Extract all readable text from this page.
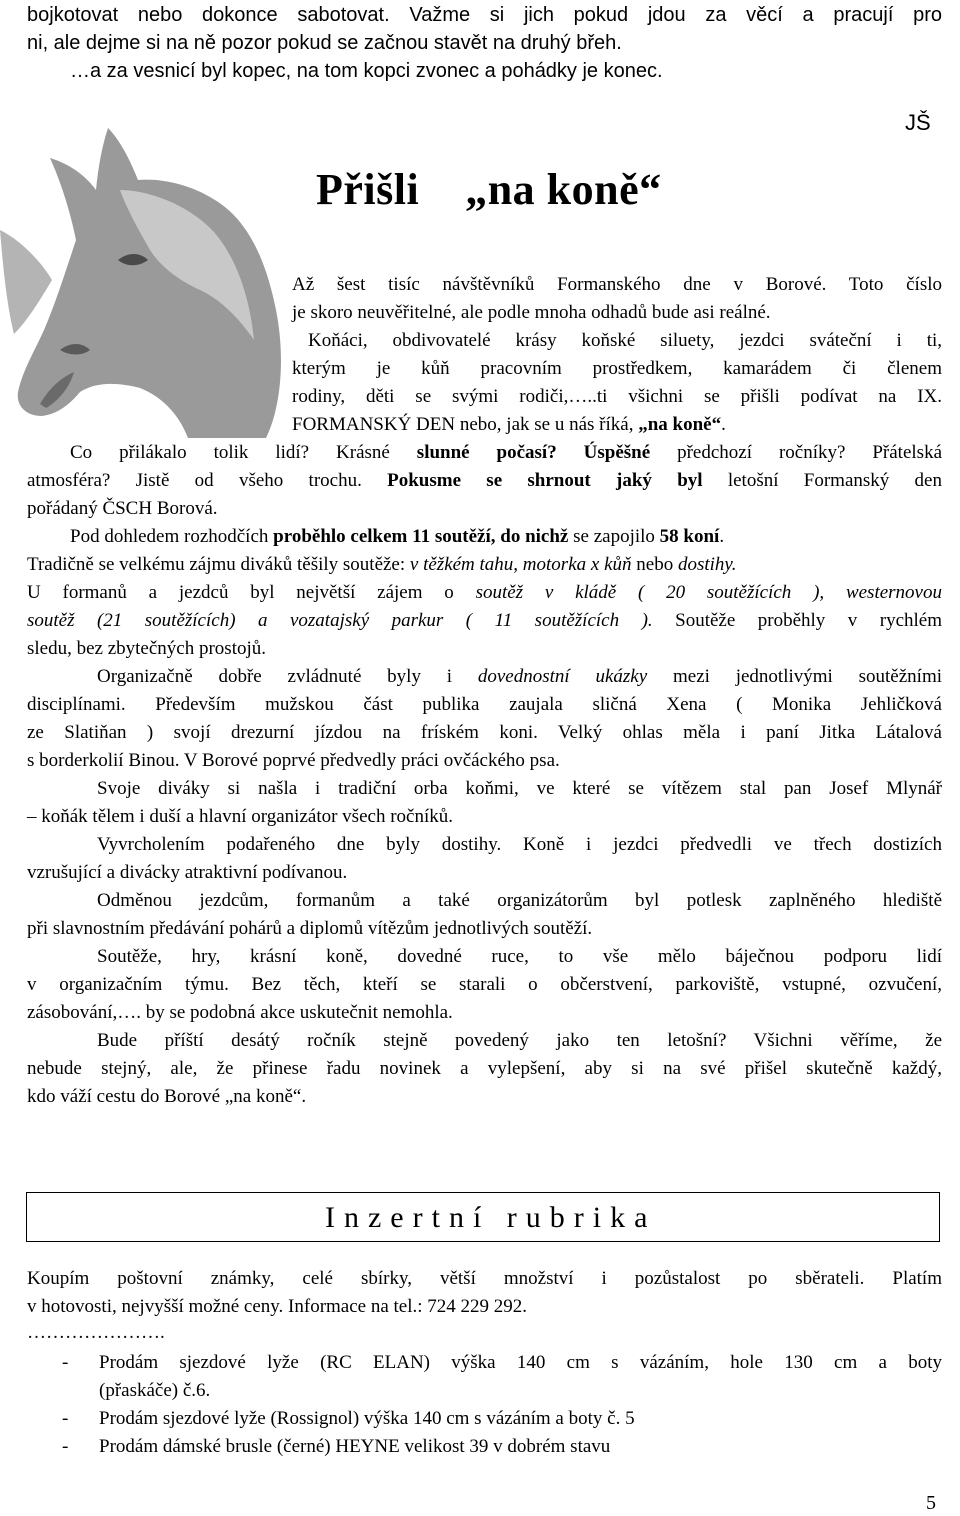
bojkotovat nebo dokonce sabotovat. Važme si jich pokud jdou za věcí a pracují pro
ni, ale dejme si na ně pozor pokud se začnou stavět na druhý břeh.
…a za vesnicí byl kopec, na tom kopci zvonec a pohádky je konec.
JŠ
Přišli    „na koně“
Až šest tisíc návštěvníků Formanského dne v Borové. Toto číslo
je skoro neuvěřitelné, ale podle mnoha odhadů bude asi reálné.
Koňáci, obdivovatelé krásy koňské siluety, jezdci sváteční i ti,
kterým je kůň pracovním prostředkem, kamarádem či členem
rodiny, děti se svými rodiči,…..ti všichni se přišli podívat na IX.
FORMANSKÝ DEN nebo, jak se u nás říká, „na koně“.
Co přilákalo tolik lidí? Krásné slunné počasí? Úspěšné předchozí ročníky? Přátelská
atmosféra? Jistě od všeho trochu. Pokusme se shrnout jaký byl letošní Formanský den
pořádaný ČSCH Borová.
Pod dohledem rozhodčích proběhlo celkem 11 soutěží, do nichž se zapojilo 58 koní.
Tradičně se velkému zájmu diváků těšily soutěže: v těžkém tahu, motorka x kůň nebo dostihy.
U formanů a jezdců byl největší zájem o soutěž v kládě ( 20 soutěžících ), westernovou
soutěž (21 soutěžících) a vozatajský parkur ( 11 soutěžících ). Soutěže proběhly v rychlém
sledu, bez zbytečných prostojů.
Organizačně dobře zvládnuté byly i dovednostní ukázky mezi jednotlivými soutěžními
disciplínami. Především mužskou část publika zaujala sličná Xena ( Monika Jehličková
ze Slatiňan ) svojí drezurní jízdou na fríském koni. Velký ohlas měla i paní Jitka Látalová
s borderkolií Binou. V Borové poprvé předvedly práci ovčáckého psa.
Svoje diváky si našla i tradiční orba koňmi, ve které se vítězem stal pan Josef Mlynář
– koňák tělem i duší a hlavní organizátor všech ročníků.
Vyvrcholením podařeného dne byly dostihy. Koně i jezdci předvedli ve třech dostizích
vzrušující a divácky atraktivní podívanou.
Odměnou jezdcům, formanům a také organizátorům byl potlesk zaplněného hlediště
při slavnostním předávání pohárů a diplomů vítězům jednotlivých soutěží.
Soutěže, hry, krásní koně, dovedné ruce, to vše mělo báječnou podporu lidí
v organizačním týmu. Bez těch, kteří se starali o občerstvení, parkoviště, vstupné, ozvučení,
zásobování,…. by se podobná akce uskutečnit nemohla.
Bude příští desátý ročník stejně povedený jako ten letošní? Všichni věříme, že
nebude stejný, ale, že přinese řadu novinek a vylepšení, aby si na své přišel skutečně každý,
kdo váží cestu do Borové „na koně“.
Inzertní rubrika
Koupím poštovní známky, celé sbírky, větší množství i pozůstalost po sběrateli. Platím
v hotovosti, nejvyšší možné ceny. Informace na tel.: 724 229 292.
………………….
- Prodám sjezdové lyže (RC ELAN) výška 140 cm s vázáním, hole 130 cm a boty
(přaskáče) č.6.
- Prodám sjezdové lyže (Rossignol) výška 140 cm s vázáním a boty č. 5
- Prodám dámské brusle (černé) HEYNE velikost 39 v dobrém stavu
5
